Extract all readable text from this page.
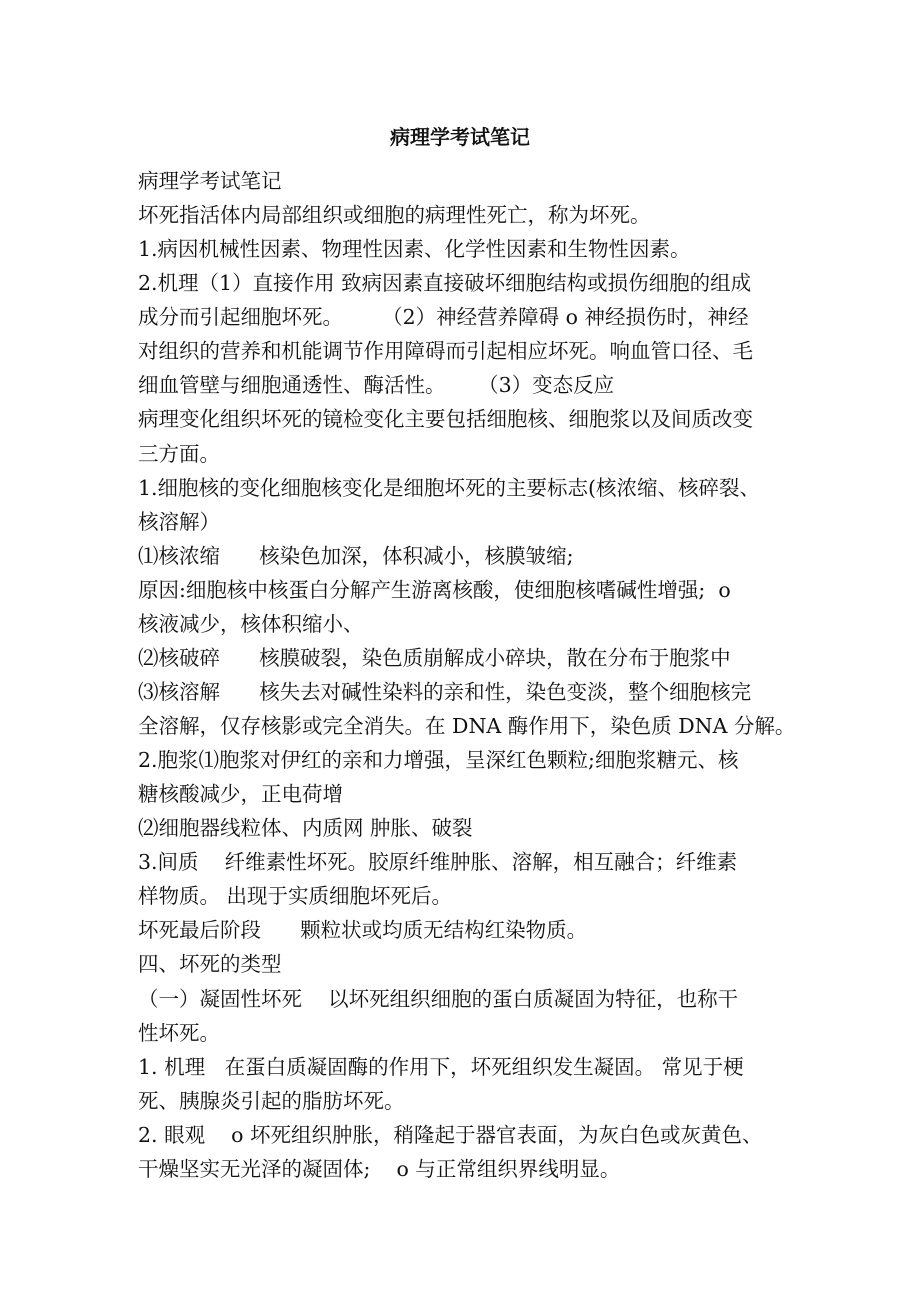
病理学考试笔记
病理学考试笔记
坏死指活体内局部组织或细胞的病理性死亡，称为坏死。
1.病因机械性因素、物理性因素、化学性因素和生物性因素。
2.机理（1）直接作用 致病因素直接破坏细胞结构或损伤细胞的组成
成分而引起细胞坏死。      （2）神经营养障碍 o 神经损伤时，神经
对组织的营养和机能调节作用障碍而引起相应坏死。响血管口径、毛
细血管壁与细胞通透性、酶活性。     （3）变态反应
病理变化组织坏死的镜检变化主要包括细胞核、细胞浆以及间质改变
三方面。
1.细胞核的变化细胞核变化是细胞坏死的主要标志(核浓缩、核碎裂、
核溶解）
⑴核浓缩      核染色加深，体积减小，核膜皱缩;
原因:细胞核中核蛋白分解产生游离核酸，使细胞核嗜碱性增强;  o
核液减少，核体积缩小、
⑵核破碎      核膜破裂，染色质崩解成小碎块，散在分布于胞浆中
⑶核溶解      核失去对碱性染料的亲和性，染色变淡，整个细胞核完
全溶解，仅存核影或完全消失。在 DNA 酶作用下，染色质 DNA 分解。
2.胞浆⑴胞浆对伊红的亲和力增强，呈深红色颗粒;细胞浆糖元、核
糖核酸减少，正电荷增
⑵细胞器线粒体、内质网 肿胀、破裂
3.间质    纤维素性坏死。胶原纤维肿胀、溶解，相互融合；纤维素
样物质。 出现于实质细胞坏死后。
坏死最后阶段      颗粒状或均质无结构红染物质。
四、坏死的类型
（一）凝固性坏死    以坏死组织细胞的蛋白质凝固为特征，也称干
性坏死。
1. 机理   在蛋白质凝固酶的作用下，坏死组织发生凝固。 常见于梗
死、胰腺炎引起的脂肪坏死。
2. 眼观    o 坏死组织肿胀，稍隆起于器官表面，为灰白色或灰黄色、
干燥坚实无光泽的凝固体;    o 与正常组织界线明显。
